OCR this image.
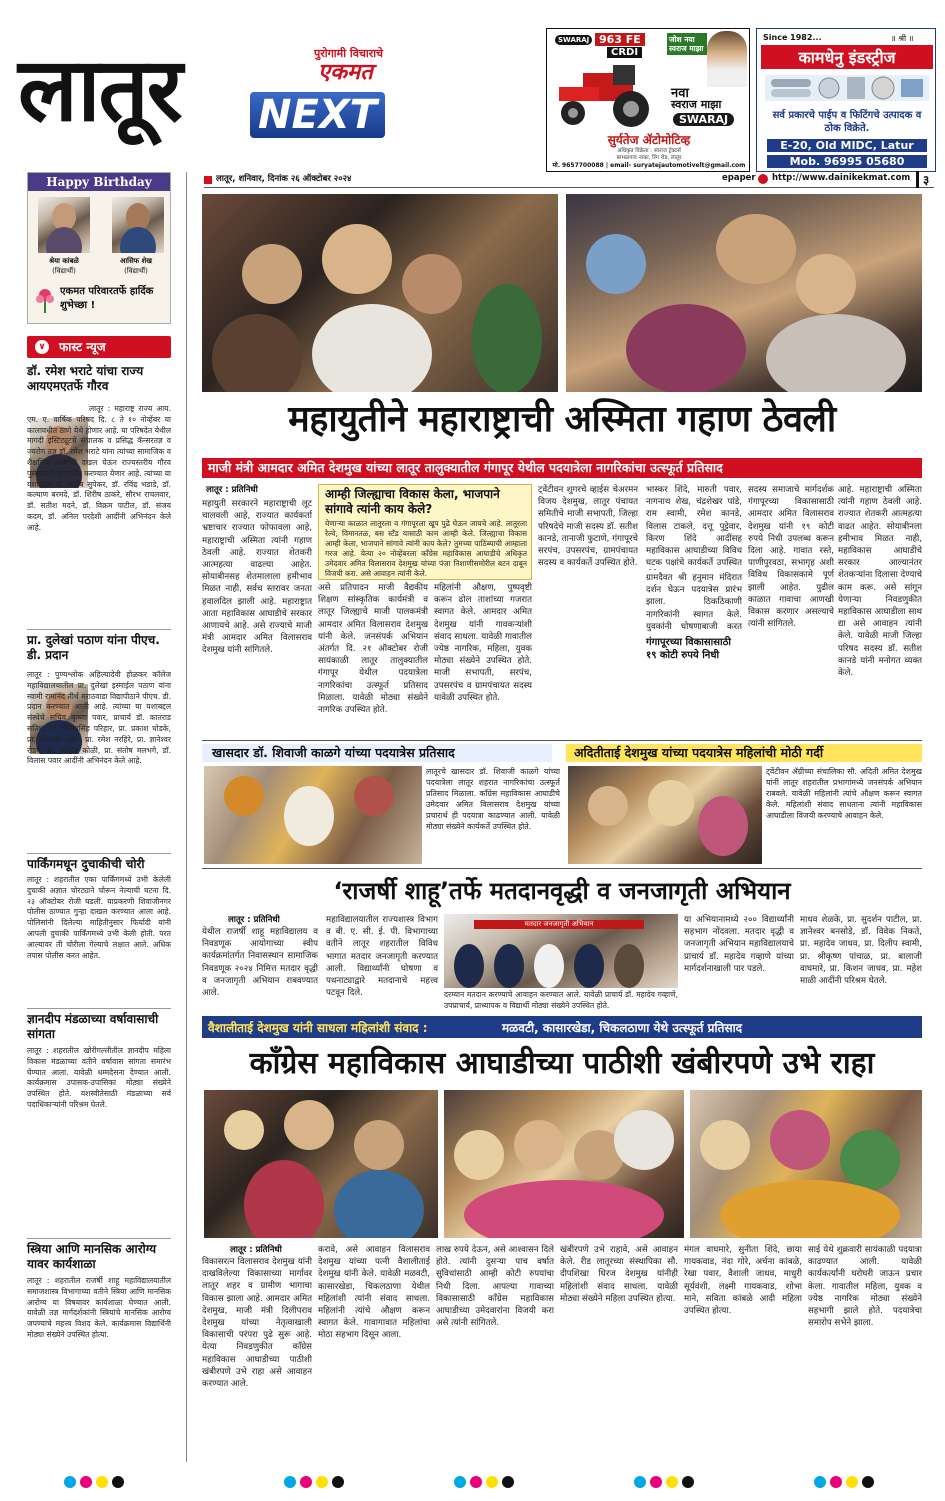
लातूर	पुरोगामी विचाराचे
एकमत
NEXT
SWARAJ 963 FE
CRDI
जोश नया स्वराज माझा
नवा
स्वराज माझा
SWARAJ
सुर्यतेज ॲटोमोटिव्ह
अधिकृत विक्रेता : स्वराज ट्रॅक्टर्स
बाभळगाव नाका, रिंग रोड, लातूर
मो. 9657700088 | email- suryatejautomotivelt@gmail.com
Since 1982...	॥ श्री ॥
कामधेनु इंडस्ट्रीज
सर्व प्रकारचे पाईप व फिटिंगचे उत्पादक व ठोक विक्रेते.
E-20, Old MIDC, Latur
Mob. 96995 05680
लातूर, शनिवार, दिनांक २६ ऑक्टोबर २०२४	epaper http://www.dainikekmat.com	३
Happy Birthday
श्रेया कांबळे
(विद्यार्थी)
आसिफ शेख
(विद्यार्थी)
एकमत परिवारतर्फे हार्दिक शुभेच्छा !
∨ फास्ट न्यूज
डॉ. रमेश भराटे यांचा राज्य आयएमएतर्फे गौरव
लातूर : महाराष्ट्र राज्य आय. एम. ए. वार्षिक परिषद दि. ८ ते १० नोव्हेंबर या कालावधीत ठाणे येथे होणार आहे. या परिषदेत येथील मागदी इंस्टिट्यूटचे संचालक व प्रसिद्ध कॅन्सरतज्ञ व ज्यरोग तज्ञ डॉ. रमेश भराटे यांना त्यांच्या सामाजिक व शैक्षणिक कार्याची दखल घेऊन राज्यस्तरीय गौरव पुरस्काराने सन्मानित करण्यात येणार आहे. त्यांच्या या यशाबद्दल डॉ. संतोष सुपेकर, डॉ. रविंद्र भडाडे, डॉ. कल्याण बरमदे, डॉ. शिरीष ठाकरे, सौरभ राचलवार, डॉ. सतीश मदने, डॉ. विक्रम पाटील, डॉ. संजय कदम, डॉ. अनिल परदेशी आदींनी अभिनंदन केले आहे.
प्रा. दुलेखां पठाण यांना पीएच. डी. प्रदान
लातूर : पुण्यश्लोक अहिल्यादेवी होळकर कॉलेज महाविद्यालयातील प्रा. दुलेखां इस्माईल पठाण यांना स्वामी रामानंद तीर्थ मराठवाडा विद्यापीठाने पीएच. डी. प्रदान करण्यात आली आहे. त्यांच्या या यशाबद्दल संस्थेचे सचिव कृष्णा पवार, प्राचार्य डॉ. कातराड सतिश, प्रा. विजयसिंह परिहार, प्रा. प्रकाश घोडके, प्रा. सोमनाथ अडेर, प्रा. रमेश नरहिरे, प्रा. ज्ञानेश्वर रोडगे, प्रा. अशोक कोळी, प्रा. संतोष मलभगे, डॉ. विलास पवार आदींनी अभिनंदन केले आहे.
पार्किंगमधून दुचाकीची चोरी
लातूर : शहरातील एका पार्किंगमध्ये उभी केलेली दुचाकी अज्ञात चोरट्याने चोरून नेल्याची घटना दि. २३ ऑक्टोबर रोजी घडली. याप्रकरणी शिवाजीनगर पोलीस ठाण्यात गुन्हा दाखल करण्यात आला आहे. पोलिसांनी दिलेल्या माहितीनुसार फिर्यादी यांनी आपली दुचाकी पार्किंगमध्ये उभी केली होती. परत आल्यावर ती चोरीला गेल्याचे लक्षात आले. अधिक तपास पोलीस करत आहेत.
ज्ञानदीप मंडळाच्या वर्षावासाची सांगता
लातूर : शहरातील खोरीगल्लीतील ज्ञानदीप महिला विकास मंडळाच्या वतीने वर्षावास सांगता समारंभ घेण्यात आला. यावेळी धम्मदेसना देण्यात आली. कार्यक्रमास उपासक-उपासिका मोठ्या संख्येने उपस्थित होते. यशस्वीतेसाठी मंडळाच्या सर्व पदाधिकाऱ्यांनी परिश्रम घेतले.
स्त्रिया आणि मानसिक आरोग्य यावर कार्यशाळा
लातूर : शहरातील राजर्षी शाहू महाविद्यालयातील समाजशास्त्र विभागाच्या वतीने स्त्रिया आणि मानसिक आरोग्य या विषयावर कार्यशाळा घेण्यात आली. यावेळी तज्ञ मार्गदर्शकांनी स्त्रियांचे मानसिक आरोग्य जपण्याचे महत्त्व विशद केले. कार्यक्रमास विद्यार्थिनी मोठ्या संख्येने उपस्थित होत्या.
महायुतीने महाराष्ट्राची अस्मिता गहाण ठेवली
माजी मंत्री आमदार अमित देशमुख यांच्या लातूर तालुक्यातील गंगापूर येथील पदयात्रेला नागरिकांचा उत्स्फूर्त प्रतिसाद
लातूर : प्रतिनिधी
महायुती सरकारने महाराष्ट्राची लूट चालवली आहे, राज्यात कार्यकर्ता भ्रष्टाचार राज्यात फोफावला आहे, महाराष्ट्राची अस्मिता त्यांनी गहाण ठेवली आहे. राज्यात शेतकरी आत्महत्या वाढल्या आहेत. सोयाबीनसह शेतमालाला हमीभाव मिळत नाही, सर्वच स्तरावर जनता हवालदिल झाली आहे. महाराष्ट्रात आता महाविकास आघाडीचे सरकार आणायचे आहे. असे राज्याचे माजी मंत्री आमदार अमित विलासराव देशमुख यांनी सांगितले.
असे प्रतिपादन माजी वैद्यकीय शिक्षण सांस्कृतिक कार्यमंत्री व लातूर जिल्ह्याचे माजी पालकमंत्री आमदार अमित विलासराव देशमुख यांनी केले. जनसंपर्क अभियान अंतर्गत दि. २१ ऑक्टोबर रोजी सायंकाळी लातूर तालुक्यातील गंगापूर येथील पदयात्रेला नागरिकांचा उत्स्फूर्त प्रतिसाद मिळाला. यावेळी मोठ्या संख्येने नागरिक उपस्थित होते.
आम्ही जिल्ह्याचा विकास केला, भाजपाने सांगावे त्यांनी काय केले?
येणाऱ्या काळात लातूरला व गंगापूरला खूप पुढे घेऊन जायचे आहे. लातूरला रेल्वे, विमानतळ, बस स्टँड यासाठी काम आम्ही केले. जिल्ह्याचा विकास आम्ही केला, भाजपाने सांगावे त्यांनी काय केले? तुमच्या पाठिंब्याची आम्हाला गरज आहे. येत्या २० नोव्हेंबरला काँग्रेस महाविकास आघाडीचे अधिकृत उमेदवार अमित विलासराव देशमुख यांच्या पंजा निशाणीसमोरील बटन दाबून विजयी करा. असे आवाहन त्यांनी केले.
महिलांनी औक्षण, पुष्पवृष्टी करून ढोल ताशांच्या गजरात स्वागत केले. आमदार अमित देशमुख यांनी गावकऱ्यांशी संवाद साधला. यावेळी गावातील ज्येष्ठ नागरिक, महिला, युवक मोठ्या संख्येने उपस्थित होते. माजी सभापती, सरपंच, उपसरपंच व ग्रामपंचायत सदस्य यावेळी उपस्थित होते.
ट्वेंटीवन शुगरचे व्हाईस चेअरमन विजय देशमुख, लातूर पंचायत समितीचे माजी सभापती, जिल्हा परिषदेचे माजी सदस्य डॉ. सतीश कानडे, तानाजी फुटाणे, गंगापूरचे सरपंच, उपसरपंच, ग्रामपंचायत सदस्य व कार्यकर्ते उपस्थित होते.
भास्कर शिंदे, मारुती पवार, नागनाथ शेख, चंद्रशेखर पांडे, राम स्वामी, रमेश कानडे, विलास टाकले, दत्तू पुट्टेवार, किरण शिंदे आदींसह महाविकास आघाडीच्या विविध घटक पक्षांचे कार्यकर्ते उपस्थित
ग्रामदैवत श्री हनुमान मंदिरात दर्शन घेऊन पदयात्रेस प्रारंभ झाला. ठिकठिकाणी नागरिकांनी स्वागत केले. युवकांनी घोषणाबाजी करत
गंगापूरच्या विकासासाठी १९ कोटी रुपये निधी
सदस्य समाजाचे मार्गदर्शक गंगापूरच्या विकासासाठी आमदार अमित विलासराव देशमुख यांनी १९ कोटी रुपये निधी उपलब्ध करून दिला आहे. गावात रस्ते, पाणीपुरवठा, सभागृह अशी विविध विकासकामे पूर्ण झाली आहेत. पुढील काळात गावाचा आणखी विकास करणार असल्याचे त्यांनी सांगितले.
आहे. महाराष्ट्राची अस्मिता त्यांनी गहाण ठेवली आहे. राज्यात शेतकरी आत्महत्या वाढत आहेत. सोयाबीनला हमीभाव मिळत नाही, महाविकास आघाडीचे सरकार आल्यानंतर शेतकऱ्यांना दिलासा देण्याचे काम करू. असे सांगून येणाऱ्या निवडणुकीत महाविकास आघाडीला साथ द्या असे आवाहन त्यांनी केले. यावेळी माजी जिल्हा परिषद सदस्य डॉ. सतीश कानडे यांनी मनोगत व्यक्त केले.
खासदार डॉ. शिवाजी काळगे यांच्या पदयात्रेस प्रतिसाद
लातूरचे खासदार डॉ. शिवाजी काळगे यांच्या पदयात्रेला लातूर शहरात नागरिकांचा उत्स्फूर्त प्रतिसाद मिळाला. काँग्रेस महाविकास आघाडीचे उमेदवार अमित विलासराव देशमुख यांच्या प्रचारार्थ ही पदयात्रा काढण्यात आली. यावेळी मोठ्या संख्येने कार्यकर्ते उपस्थित होते.
अदितीताई देशमुख यांच्या पदयात्रेस महिलांची मोठी गर्दी
ट्वेंटीवन ॲग्रीच्या संचालिका सौ. अदिती अमित देशमुख यांनी लातूर शहरातील प्रभागांमध्ये जनसंपर्क अभियान राबवले. यावेळी महिलांनी त्यांचे औक्षण करून स्वागत केले. महिलांशी संवाद साधताना त्यांनी महाविकास आघाडीला विजयी करण्याचे आवाहन केले.
‘राजर्षी शाहू’तर्फे मतदानवृद्धी व जनजागृती अभियान
लातूर : प्रतिनिधी
येथील राजर्षी शाहू महाविद्यालय व निवडणूक आयोगाच्या स्वीप कार्यक्रमांतर्गत निवासस्थान सामाजिक निवडणूक २०२४ निमित्त मतदार वृद्धी व जनजागृती अभियान राबवण्यात आले.
महाविद्यालयातील राज्यशास्त्र विभाग व बी. ए. सी. ई. पी. विभागाच्या वतीने लातूर शहरातील विविध भागात मतदार जनजागृती करण्यात आली. विद्यार्थ्यांनी घोषणा व पथनाट्याद्वारे मतदानाचे महत्त्व पटवून दिले.
मतदार जनजागृती अभियान
दरम्यान मतदान करण्याचे आवाहन करण्यात आले. यावेळी प्राचार्य डॉ. महादेव गव्हाणे, उपप्राचार्य, प्राध्यापक व विद्यार्थी मोठ्या संख्येने उपस्थित होते.
या अभियानामध्ये २०० विद्यार्थ्यांनी सहभाग नोंदवला. मतदार वृद्धी व जनजागृती अभियान महाविद्यालयाचे प्राचार्य डॉ. महादेव गव्हाणे यांच्या मार्गदर्शनाखाली पार पडले.
माधव शेळके, प्रा. सुदर्शन पाटील, प्रा. ज्ञानेश्वर बनसोडे, डॉ. विवेक निकते, प्रा. महादेव जाधव, प्रा. दिलीप स्वामी, प्रा. श्रीकृष्ण पांचाळ, प्रा. बालाजी वाघमारे, प्रा. किशन जाधव, प्रा. महेश माळी आदींनी परिश्रम घेतले.
वैशालीताई देशमुख यांनी साधला महिलांशी संवाद :	मळवटी, कासारखेडा, चिकलठाणा येथे उत्स्फूर्त प्रतिसाद
काँग्रेस महाविकास आघाडीच्या पाठीशी खंबीरपणे उभे राहा
लातूर : प्रतिनिधी
विकासरत्न विलासराव देशमुख यांनी दाखविलेल्या विकासाच्या मार्गावर लातूर शहर व ग्रामीण भागाचा विकास झाला आहे. आमदार अमित देशमुख, माजी मंत्री दिलीपराव देशमुख यांच्या नेतृत्वाखाली विकासाची परंपरा पुढे सुरू आहे. येत्या निवडणुकीत काँग्रेस महाविकास आघाडीच्या पाठीशी खंबीरपणे उभे राहा असे आवाहन करण्यात आले.
करावे, असे आवाहन विलासराव देशमुख यांच्या पत्नी वैशालीताई देशमुख यांनी केले. यावेळी मळवटी, कासारखेडा, चिकलठाणा येथील महिलांशी त्यांनी संवाद साधला. महिलांनी त्यांचे औक्षण करून स्वागत केले. गावागावात महिलांचा मोठा सहभाग दिसून आला.
लाख रुपये देऊन, असे आश्वासन दिले होते. त्यांनी दुसऱ्या पाच वर्षात सुविधांसाठी आम्ही कोटी रुपयांचा निधी दिला. आपल्या गावाच्या विकासासाठी काँग्रेस महाविकास आघाडीच्या उमेदवारांना विजयी करा असे त्यांनी सांगितले.
खंबीरपणे उभे राहावे, असे आवाहन केले. रीड लातूरच्या संस्थापिका सौ. दीपशिखा धिरज देशमुख यांनीही महिलांशी संवाद साधला. यावेळी मोठ्या संख्येने महिला उपस्थित होत्या.
मंगल वाघमारे, सुनीता शिंदे, छाया गायकवाड, नंदा गोरे, अर्चना कांबळे, रेखा पवार, वैशाली जाधव, माधुरी सूर्यवंशी, लक्ष्मी गायकवाड, शोभा माने, सविता कांबळे आदी महिला उपस्थित होत्या.
साई येथे शुक्रवारी सायंकाळी पदयात्रा काढण्यात आली. यावेळी कार्यकर्त्यांनी घरोघरी जाऊन प्रचार केला. गावातील महिला, युवक व ज्येष्ठ नागरिक मोठ्या संख्येने सहभागी झाले होते. पदयात्रेचा समारोप सभेने झाला.
